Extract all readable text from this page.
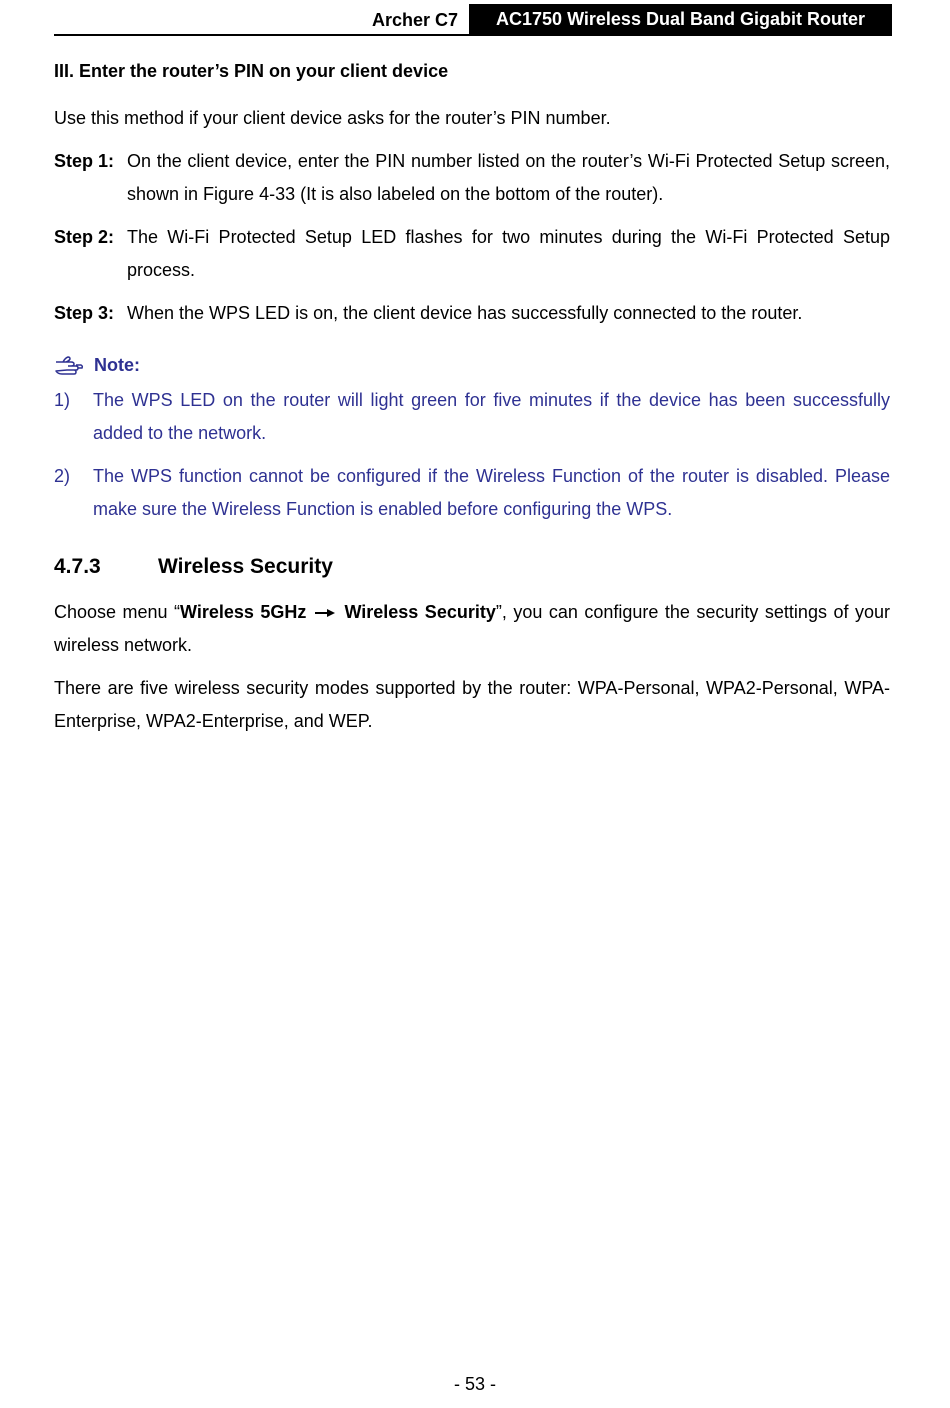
Archer C7	AC1750 Wireless Dual Band Gigabit Router
III. Enter the router’s PIN on your client device

Use this method if your client device asks for the router’s PIN number.

Step 1: On the client device, enter the PIN number listed on the router’s Wi-Fi Protected Setup screen, shown in Figure 4-33 (It is also labeled on the bottom of the router).
Step 2: The Wi-Fi Protected Setup LED flashes for two minutes during the Wi-Fi Protected Setup process.
Step 3: When the WPS LED is on, the client device has successfully connected to the router.
Note:
1)	The WPS LED on the router will light green for five minutes if the device has been successfully added to the network.
2)	The WPS function cannot be configured if the Wireless Function of the router is disabled. Please make sure the Wireless Function is enabled before configuring the WPS.
4.7.3	Wireless Security

Choose menu “Wireless 5GHz Wireless Security”, you can configure the security settings of your wireless network.

There are five wireless security modes supported by the router: WPA-Personal, WPA2-Personal, WPA-Enterprise, WPA2-Enterprise, and WEP.

- 53 -
